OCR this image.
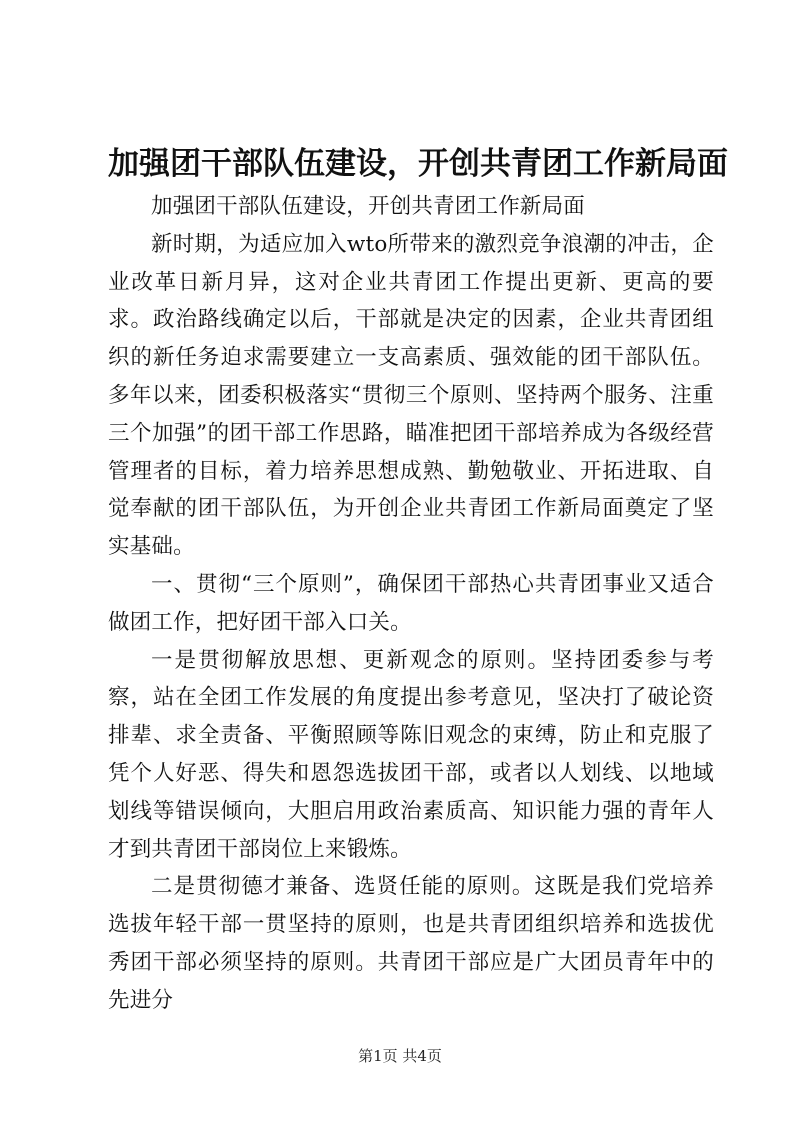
加强团干部队伍建设，开创共青团工作新局面

加强团干部队伍建设，开创共青团工作新局面

新时期，为适应加入wto所带来的激烈竞争浪潮的冲击，企业改革日新月异，这对企业共青团工作提出更新、更高的要求。政治路线确定以后，干部就是决定的因素，企业共青团组织的新任务迫求需要建立一支高素质、强效能的团干部队伍。多年以来，团委积极落实“贯彻三个原则、坚持两个服务、注重三个加强”的团干部工作思路，瞄准把团干部培养成为各级经营管理者的目标，着力培养思想成熟、勤勉敬业、开拓进取、自觉奉献的团干部队伍，为开创企业共青团工作新局面奠定了坚实基础。

一、贯彻“三个原则”，确保团干部热心共青团事业又适合做团工作，把好团干部入口关。

一是贯彻解放思想、更新观念的原则。坚持团委参与考察，站在全团工作发展的角度提出参考意见，坚决打了破论资排辈、求全责备、平衡照顾等陈旧观念的束缚，防止和克服了凭个人好恶、得失和恩怨选拔团干部，或者以人划线、以地域划线等错误倾向，大胆启用政治素质高、知识能力强的青年人才到共青团干部岗位上来锻炼。

二是贯彻德才兼备、选贤任能的原则。这既是我们党培养选拔年轻干部一贯坚持的原则，也是共青团组织培养和选拔优秀团干部必须坚持的原则。共青团干部应是广大团员青年中的先进分

第1页 共4页
